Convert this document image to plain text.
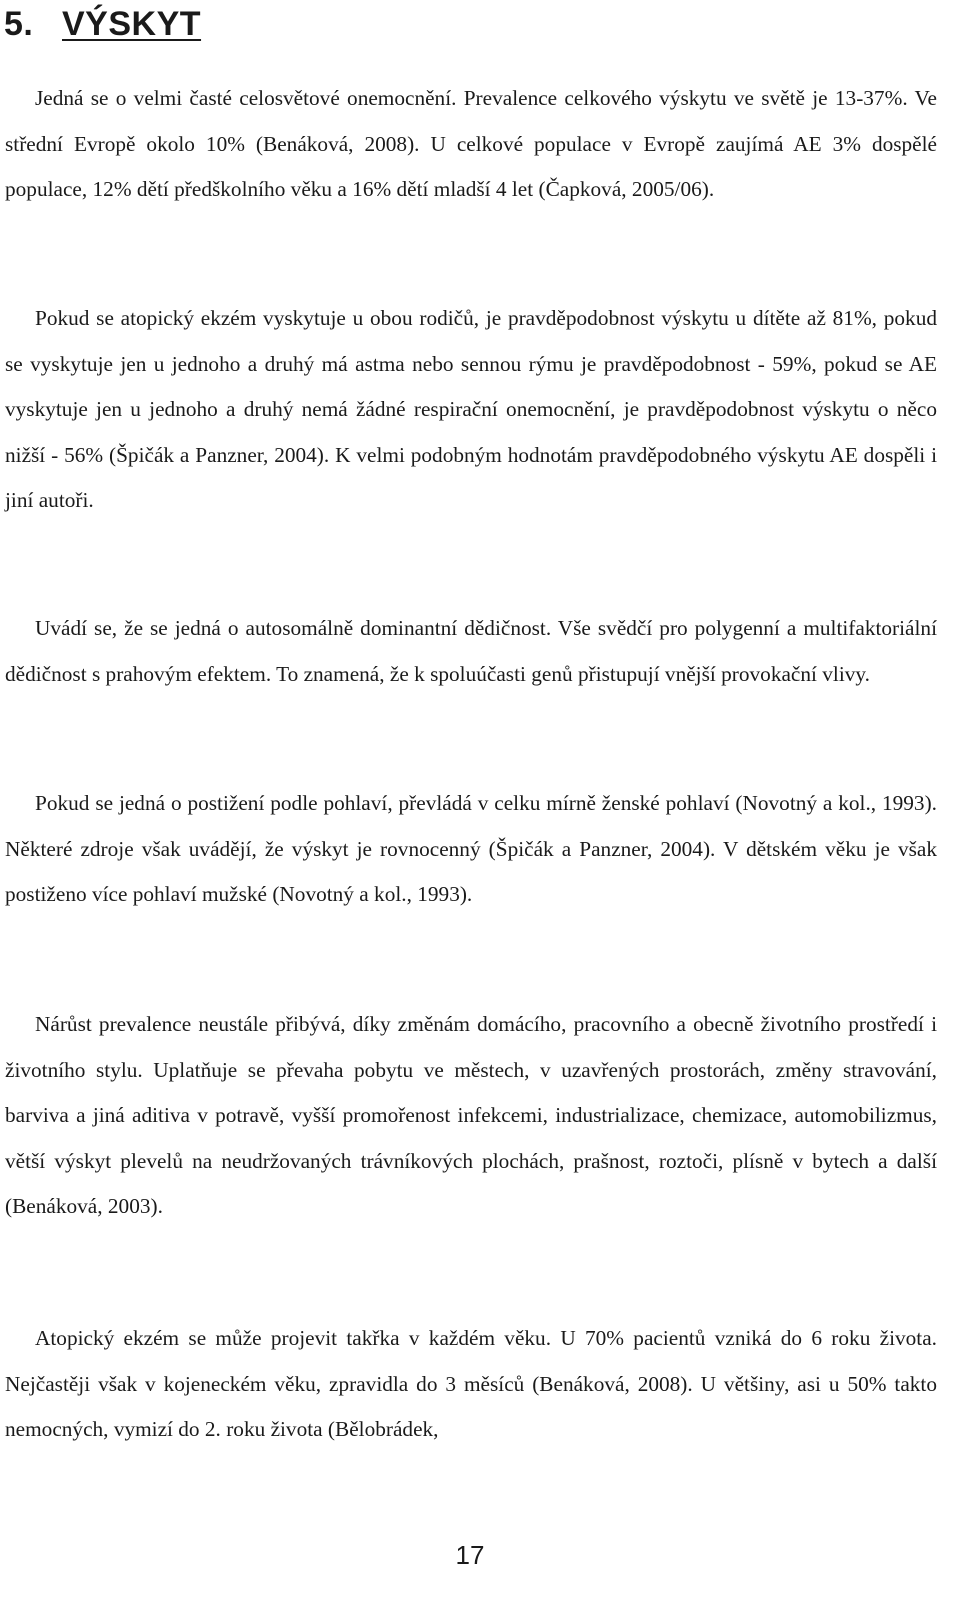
5. VÝSKYT

Jedná se o velmi časté celosvětové onemocnění. Prevalence celkového výskytu ve světě je 13-37%. Ve střední Evropě okolo 10% (Benáková, 2008). U celkové populace v Evropě zaujímá AE 3% dospělé populace, 12% dětí předškolního věku a 16% dětí mladší 4 let (Čapková, 2005/06).

Pokud se atopický ekzém vyskytuje u obou rodičů, je pravděpodobnost výskytu u dítěte až 81%, pokud se vyskytuje jen u jednoho a druhý má astma nebo sennou rýmu je pravděpodobnost - 59%, pokud se AE vyskytuje jen u jednoho a druhý nemá žádné respirační onemocnění, je pravděpodobnost výskytu o něco nižší - 56% (Špičák a Panzner, 2004). K velmi podobným hodnotám pravděpodobného výskytu AE dospěli i jiní autoři.

Uvádí se, že se jedná o autosomálně dominantní dědičnost. Vše svědčí pro polygenní a multifaktoriální dědičnost s prahovým efektem. To znamená, že k spoluúčasti genů přistupují vnější provokační vlivy.

Pokud se jedná o postižení podle pohlaví, převládá v celku mírně ženské pohlaví (Novotný a kol., 1993). Některé zdroje však uvádějí, že výskyt je rovnocenný (Špičák a Panzner, 2004). V dětském věku je však postiženo více pohlaví mužské (Novotný a kol., 1993).

Nárůst prevalence neustále přibývá, díky změnám domácího, pracovního a obecně životního prostředí i životního stylu. Uplatňuje se převaha pobytu ve městech, v uzavřených prostorách, změny stravování, barviva a jiná aditiva v potravě, vyšší promořenost infekcemi, industrializace, chemizace, automobilizmus, větší výskyt plevelů na neudržovaných trávníkových plochách, prašnost, roztoči, plísně v bytech a další (Benáková, 2003).

Atopický ekzém se může projevit takřka v každém věku. U 70% pacientů vzniká do 6 roku života. Nejčastěji však v kojeneckém věku, zpravidla do 3 měsíců (Benáková, 2008). U většiny, asi u 50% takto nemocných, vymizí do 2. roku života (Bělobrádek,

17
